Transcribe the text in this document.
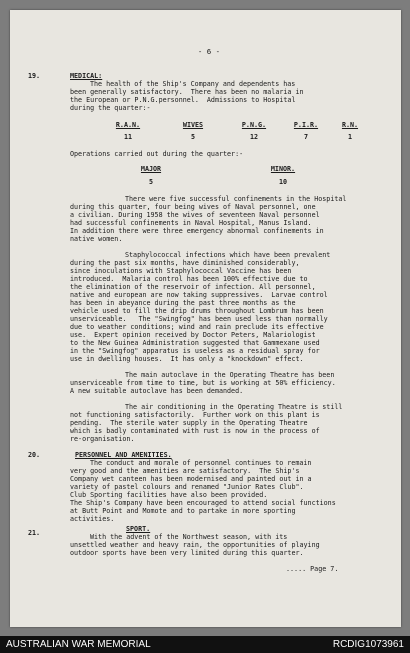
- 6 -
19.	MEDICAL:
The health of the Ship's Company and dependents has
been generally satisfactory.  There has been no malaria in
the European or P.N.G.personnel.  Admissions to Hospital
during the quarter:-
R.A.N.	WIVES	P.N.G.	P.I.R.	R.N.
11	5	12	7	1
Operations carried out during the quarter:-
MAJOR	MINOR.
5	10
There were five successful confinements in the Hospital
during this quarter, four being wives of Naval personnel, one
a civilian. During 1958 the wives of seventeen Naval personnel
had successful confinements in Naval Hospital, Manus Island.
In addition there were three emergency abnormal confinements in
native women.
Staphylococcal infections which have been prevalent
during the past six months, have diminished considerably,
since inoculations with Staphylococcal Vaccine has been
introduced.  Malaria control has been 100% effective due to
the elimination of the reservoir of infection. All personnel,
native and european are now taking suppressives.  Larvae control
has been in abeyance during the past three months as the
vehicle used to fill the drip drums throughout Lombrum has been
unserviceable.   The "Swingfog" has been used less than normally
due to weather conditions; wind and rain preclude its effective
use.  Expert opinion received by Doctor Peters, Malariologist
to the New Guinea Administration suggested that Gammexane used
in the "Swingfog" apparatus is useless as a residual spray for
use in dwelling houses.  It has only a "knockdown" effect.
The main autoclave in the Operating Theatre has been
unserviceable from time to time, but is working at 50% efficiency.
A new suitable autoclave has been demanded.
The air conditioning in the Operating Theatre is still
not functioning satisfactorily.  Further work on this plant is
pending.  The sterile water supply in the Operating Theatre
which is badly contaminated with rust is now in the process of
re-organisation.
20.	PERSONNEL AND AMENITIES.
The conduct and morale of personnel continues to remain
very good and the amenities are satisfactory.  The Ship's
Company wet canteen has been modernised and painted out in a
variety of pastel colours and renamed "Junior Rates Club".
Club Sporting facilities have also been provided.
The Ship's Company have been encouraged to attend social functions
at Butt Point and Momote and to partake in more sporting
activities.
21.	SPORT.
With the advent of the Northwest season, with its
unsettled weather and heavy rain, the opportunities of playing
outdoor sports have been very limited during this quarter.
..... Page 7.
AUSTRALIAN WAR MEMORIAL	RCDIG1073961
